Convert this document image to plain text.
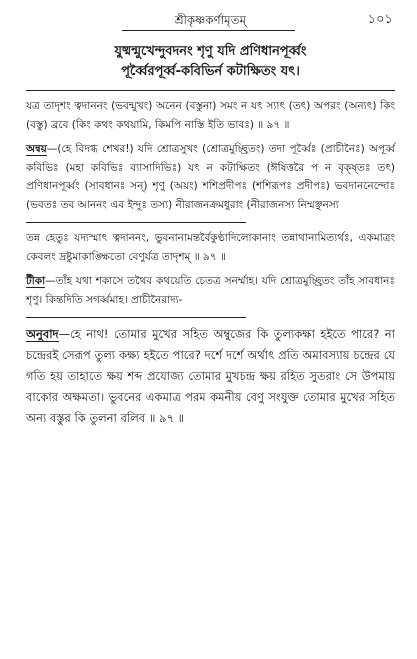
শ্রীকৃষ্ণকর্ণামৃতম্	১০১
যুষ্মন্মুখেন্দুবদনং শৃণু যদি প্রণিধানপূর্ব্বং
পূর্ব্বৈরপূর্ব্ব-কবিভির্ন কটাক্ষিতং যৎ।

যত্র তাদৃশং ত্বদাননং (ভবন্মুখং) অনেন (বস্তুনা) সমং ন যৎ স্যাৎ (তৎ) অপরং (অন্যৎ) কিং (বস্তু) ব্রবে (কিং কথং কথয়ামি, কিমপি নাস্তি ইতি ভাবঃ) ॥ ৯৭ ॥

অন্বয়—(হে বিদগ্ধ শেখর!) যদি শ্রোত্রসুখং (শ্রোত্রমুচ্ছ্রিতং) তদা পূর্ব্বৈঃ (প্রাচীনৈঃ) অপূর্ব্ব কবিভিঃ (মহা কবিভিঃ ব্যাসাদিভিঃ) যৎ ন কটাক্ষিতং (ঈষিত্তরৈ প ন বৃক্ষ্তঃ তৎ) প্রণিধানপূর্ব্বং (সাবধানঃ সন্) শৃণু (অয়ং) শশিপ্রদীপঃ (শশিরূপঃ প্রদীপঃ) ভবদাননেন্দোঃ (ভবতঃ তব আননং এব ইন্দুঃ তস্য) নীরাজনক্রমধুরাং (নীরাজনস্য নিম্মঞ্ছনস্য

তন্ন হেতুঃ যদ্যস্মাৎ ত্বদাননং, ভুবনানামন্তর্বৈকুণ্ঠাদিলোকানাং তন্নাথানামিত্যর্থঃ, একমাত্রং কেবলং দ্রষ্টুমাকাঙ্ক্ষিতো বেণুর্যত্র তাদৃশম্ ॥ ৯৭ ॥

টীকা—তাঁহ যথা শকাসে তথৈব কথয়েতি চেতত্র সনর্ম্মাহ। যদি শ্রোত্রমুচ্ছ্রিতং তাঁহ সাবধানঃ শৃণু। কিন্তদিতি সগর্ব্বমাহ। প্রাচীনৈরাদ্য-

অনুবাদ—হে নাথ! তোমার মুখের সহিত অম্বুজের কি তুল্যকক্ষা হইতে পারে? না চন্দ্রেরই সেরূপ তুল্য কক্ষ্য হইতে পারে? দর্শে দর্শে অর্থাৎ প্রতি অমাবস্যায় চন্দ্রের যে গতি হয় তাহাতে ক্ষয় শব্দ প্রযোজ্য তোমার মুখচন্দ্র ক্ষয় রহিত সুতরাং সে উপমায় বাকোর অক্ষমতা। ভুবনের একমাত্র পরম কমনীয় বেণু সংযুক্ত তোমার মুখের সহিত অন্য বস্তুর কি তুলনা বলিব ॥ ৯৭ ॥
